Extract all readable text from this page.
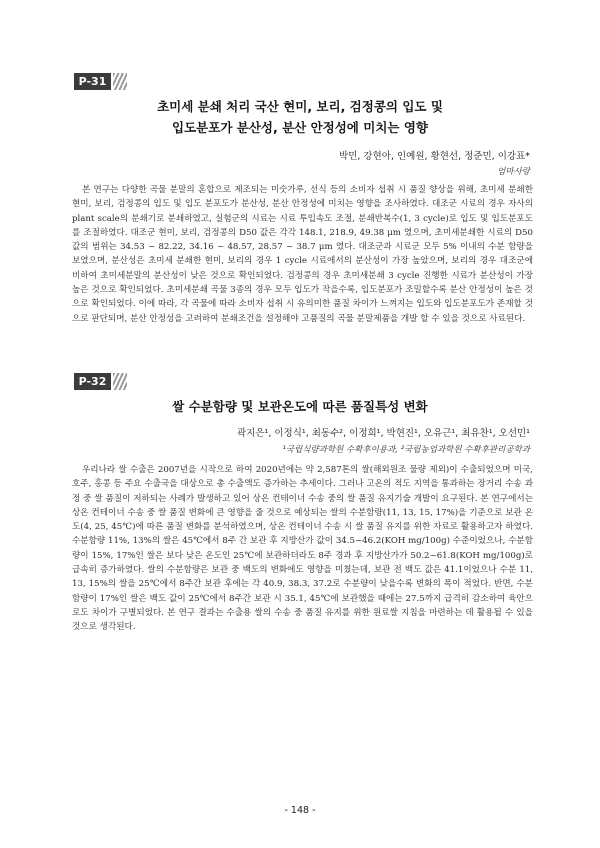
P-31
초미세 분쇄 처리 국산 현미, 보리, 검정콩의 입도 및
입도분포가 분산성, 분산 안정성에 미치는 영향
박민, 강현아, 인예원, 황현선, 정준민, 이강표*
엄마사랑

본 연구는 다양한 곡물 분말의 혼합으로 제조되는 미숫가루, 선식 등의 소비자 섭취 시 품질 향상을 위해, 초미세 분쇄한 현미, 보리, 검정콩의 입도 및 입도 분포도가 분산성, 분산 안정성에 미치는 영향을 조사하였다. 대조군 시료의 경우 자사의 plant scale의 분쇄기로 분쇄하였고, 실험군의 시료는 시료 투입속도 조절, 분쇄반복수(1, 3 cycle)로 입도 및 입도분포도를 조절하였다. 대조군 현미, 보리, 검정콩의 D50 값은 각각 148.1, 218.9, 49.38 μm 였으며, 초미세분쇄한 시료의 D50 값의 범위는 34.53 ~ 82.22, 34.16 ~ 48.57, 28.57 ~ 38.7 μm 였다. 대조군과 시료군 모두 5% 이내의 수분 함량을 보였으며, 분산성은 초미세 분쇄한 현미, 보리의 경우 1 cycle 시료에서의 분산성이 가장 높았으며, 보리의 경우 대조군에 비하여 초미세분말의 분산성이 낮은 것으로 확인되었다. 검정콩의 경우 초미세분쇄 3 cycle 진행한 시료가 분산성이 가장 높은 것으로 확인되었다. 초미세분쇄 곡물 3종의 경우 모두 입도가 작을수록, 입도분포가 조밀할수록 분산 안정성이 높은 것으로 확인되었다. 이에 따라, 각 곡물에 따라 소비자 섭취 시 유의미한 품질 차이가 느껴지는 입도와 입도분포도가 존재할 것으로 판단되며, 분산 안정성을 고려하여 분쇄조건을 설정해야 고품질의 곡물 분말제품을 개발 할 수 있을 것으로 사료된다.

P-32
쌀 수분함량 및 보관온도에 따른 품질특성 변화
곽지은¹, 이정식¹, 최동수², 이정희¹, 박현진¹, 오유근¹, 최유찬¹, 오선민¹
¹국립식량과학원 수확후이용과, ²국립농업과학원 수확후관리공학과

우리나라 쌀 수출은 2007년을 시작으로 하여 2020년에는 약 2,587톤의 쌀(해외원조 물량 제외)이 수출되었으며 미국, 호주, 홍콩 등 주요 수출국을 대상으로 총 수출액도 증가하는 추세이다. 그러나 고온의 적도 지역을 통과하는 장거리 수송 과정 중 쌀 품질이 저하되는 사례가 발생하고 있어 상온 컨테이너 수송 중의 쌀 품질 유지기술 개발이 요구된다. 본 연구에서는 상온 컨테이너 수송 중 쌀 품질 변화에 큰 영향을 줄 것으로 예상되는 쌀의 수분함량(11, 13, 15, 17%)을 기준으로 보관 온도(4, 25, 45℃)에 따른 품질 변화를 분석하였으며, 상온 컨테이너 수송 시 쌀 품질 유지를 위한 자료로 활용하고자 하였다. 수분함량 11%, 13%의 쌀은 45℃에서 8주 간 보관 후 지방산가 값이 34.5~46.2(KOH mg/100g) 수준이었으나, 수분함량이 15%, 17%인 쌀은 보다 낮은 온도인 25℃에 보관하더라도 8주 경과 후 지방산가가 50.2~61.8(KOH mg/100g)로 급속히 증가하였다. 쌀의 수분함량은 보관 중 백도의 변화에도 영향을 미쳤는데, 보관 전 백도 값은 41.1이었으나 수분 11, 13, 15%의 쌀을 25℃에서 8주간 보관 후에는 각 40.9, 38.3, 37.2로 수분량이 낮을수록 변화의 폭이 적었다. 반면, 수분함량이 17%인 쌀은 백도 값이 25℃에서 8주간 보관 시 35.1, 45℃에 보관했을 때에는 27.5까지 급격히 감소하여 육안으로도 차이가 구별되었다. 본 연구 결과는 수출용 쌀의 수송 중 품질 유지를 위한 원료쌀 지침을 마련하는 데 활용될 수 있을 것으로 생각된다.

- 148 -
